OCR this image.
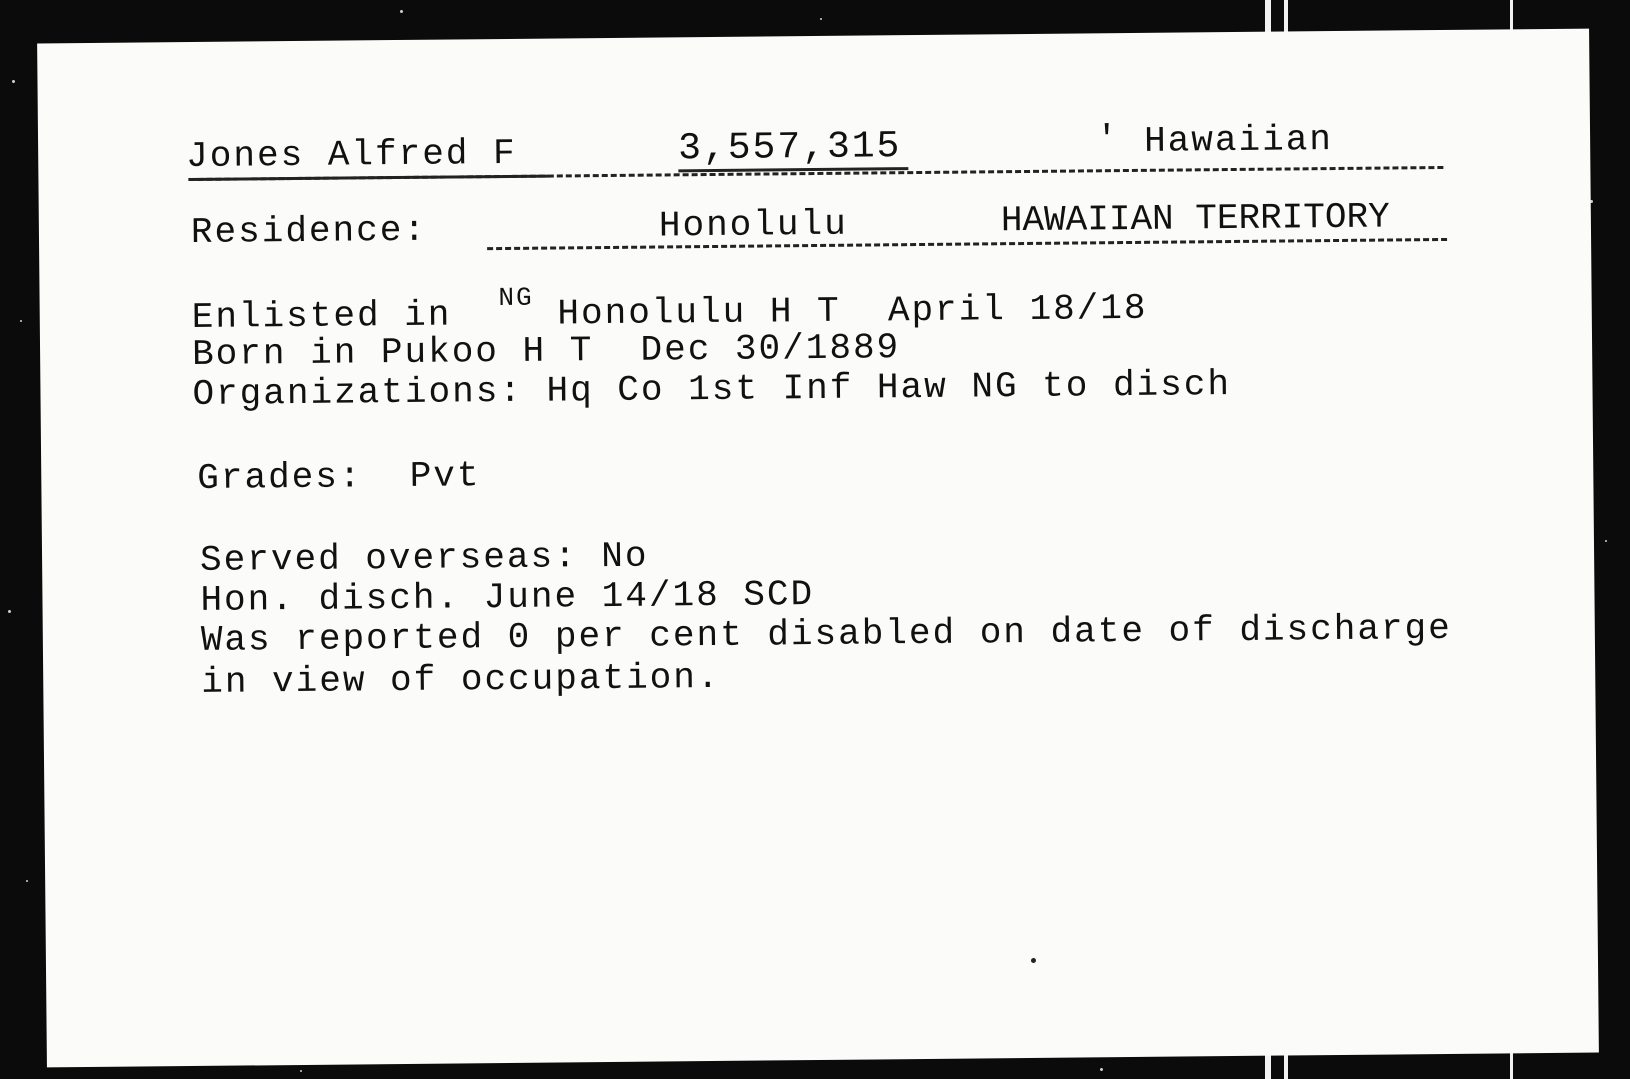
Jones Alfred F	3,557,315	' Hawaiian
Residence:	Honolulu	HAWAIIAN TERRITORY
Enlisted in $^{NG}$ Honolulu H T April 18/18
Born in Pukoo H T  Dec 30/1889
Organizations: Hq Co 1st Inf Haw NG to disch
Grades:  Pvt
Served overseas: No
Hon. disch. June 14/18 SCD
Was reported 0 per cent disabled on date of discharge
in view of occupation.
